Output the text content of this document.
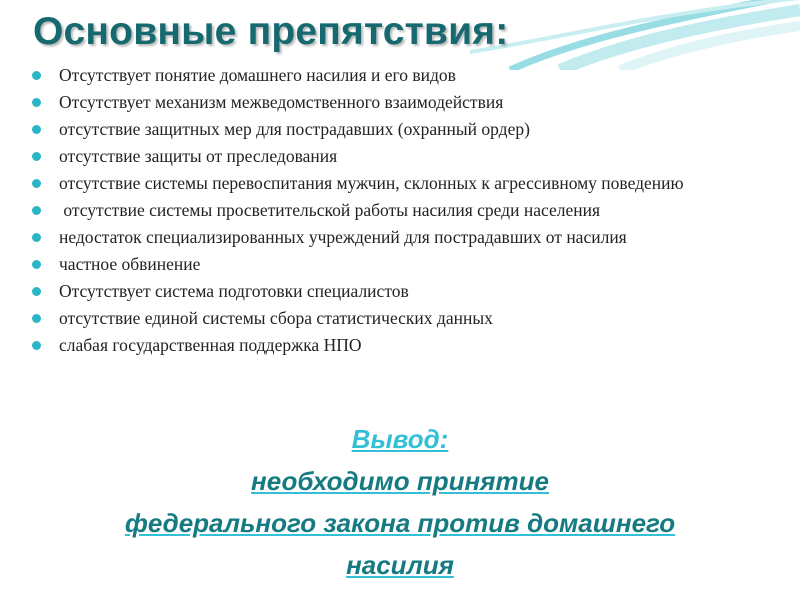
Основные препятствия:
Отсутствует понятие домашнего насилия и его видов
Отсутствует механизм межведомственного взаимодействия
отсутствие защитных мер для пострадавших (охранный ордер)
отсутствие защиты от преследования
отсутствие системы перевоспитания мужчин, склонных к агрессивному поведению
отсутствие системы просветительской работы насилия среди населения
недостаток специализированных учреждений для пострадавших от насилия
частное обвинение
Отсутствует система подготовки специалистов
отсутствие единой системы сбора статистических данных
слабая государственная поддержка НПО
Вывод:
необходимо принятие
федерального закона против домашнего
насилия
